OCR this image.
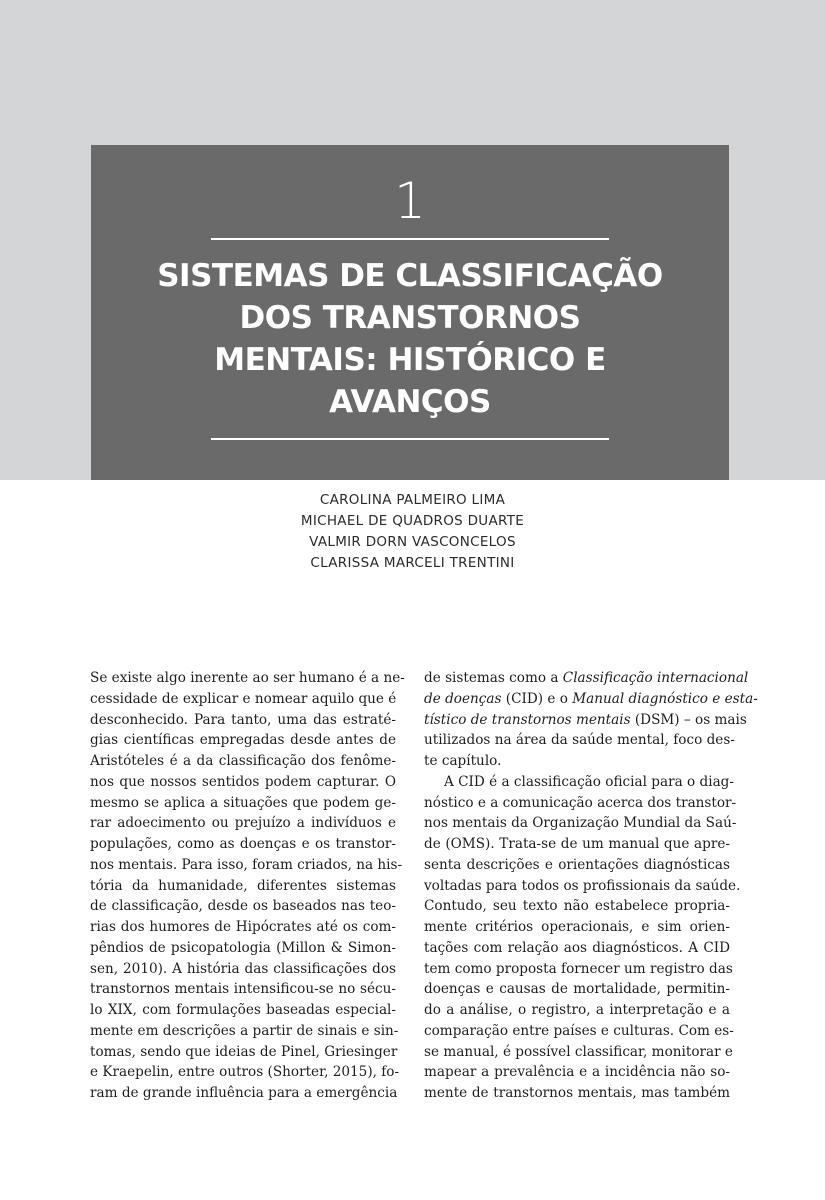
1
SISTEMAS DE CLASSIFICAÇÃO
DOS TRANSTORNOS
MENTAIS: HISTÓRICO E
AVANÇOS
CAROLINA PALMEIRO LIMA
MICHAEL DE QUADROS DUARTE
VALMIR DORN VASCONCELOS
CLARISSA MARCELI TRENTINI

Se existe algo inerente ao ser humano é a ne-
cessidade de explicar e nomear aquilo que é
desconhecido. Para tanto, uma das estraté-
gias científicas empregadas desde antes de
Aristóteles é a da classificação dos fenôme-
nos que nossos sentidos podem capturar. O
mesmo se aplica a situações que podem ge-
rar adoecimento ou prejuízo a indivíduos e
populações, como as doenças e os transtor-
nos mentais. Para isso, foram criados, na his-
tória da humanidade, diferentes sistemas
de classificação, desde os baseados nas teo-
rias dos humores de Hipócrates até os com-
pêndios de psicopatologia (Millon & Simon-
sen, 2010). A história das classificações dos
transtornos mentais intensificou-se no sécu-
lo XIX, com formulações baseadas especial-
mente em descrições a partir de sinais e sin-
tomas, sendo que ideias de Pinel, Griesinger
e Kraepelin, entre outros (Shorter, 2015), fo-
ram de grande influência para a emergência

de sistemas como a Classificação internacional
de doenças (CID) e o Manual diagnóstico e esta-
tístico de transtornos mentais (DSM) – os mais
utilizados na área da saúde mental, foco des-
te capítulo.

A CID é a classificação oficial para o diag-
nóstico e a comunicação acerca dos transtor-
nos mentais da Organização Mundial da Saú-
de (OMS). Trata-se de um manual que apre-
senta descrições e orientações diagnósticas
voltadas para todos os profissionais da saúde.
Contudo, seu texto não estabelece propria-
mente critérios operacionais, e sim orien-
tações com relação aos diagnósticos. A CID
tem como proposta fornecer um registro das
doenças e causas de mortalidade, permitin-
do a análise, o registro, a interpretação e a
comparação entre países e culturas. Com es-
se manual, é possível classificar, monitorar e
mapear a prevalência e a incidência não so-
mente de transtornos mentais, mas também
